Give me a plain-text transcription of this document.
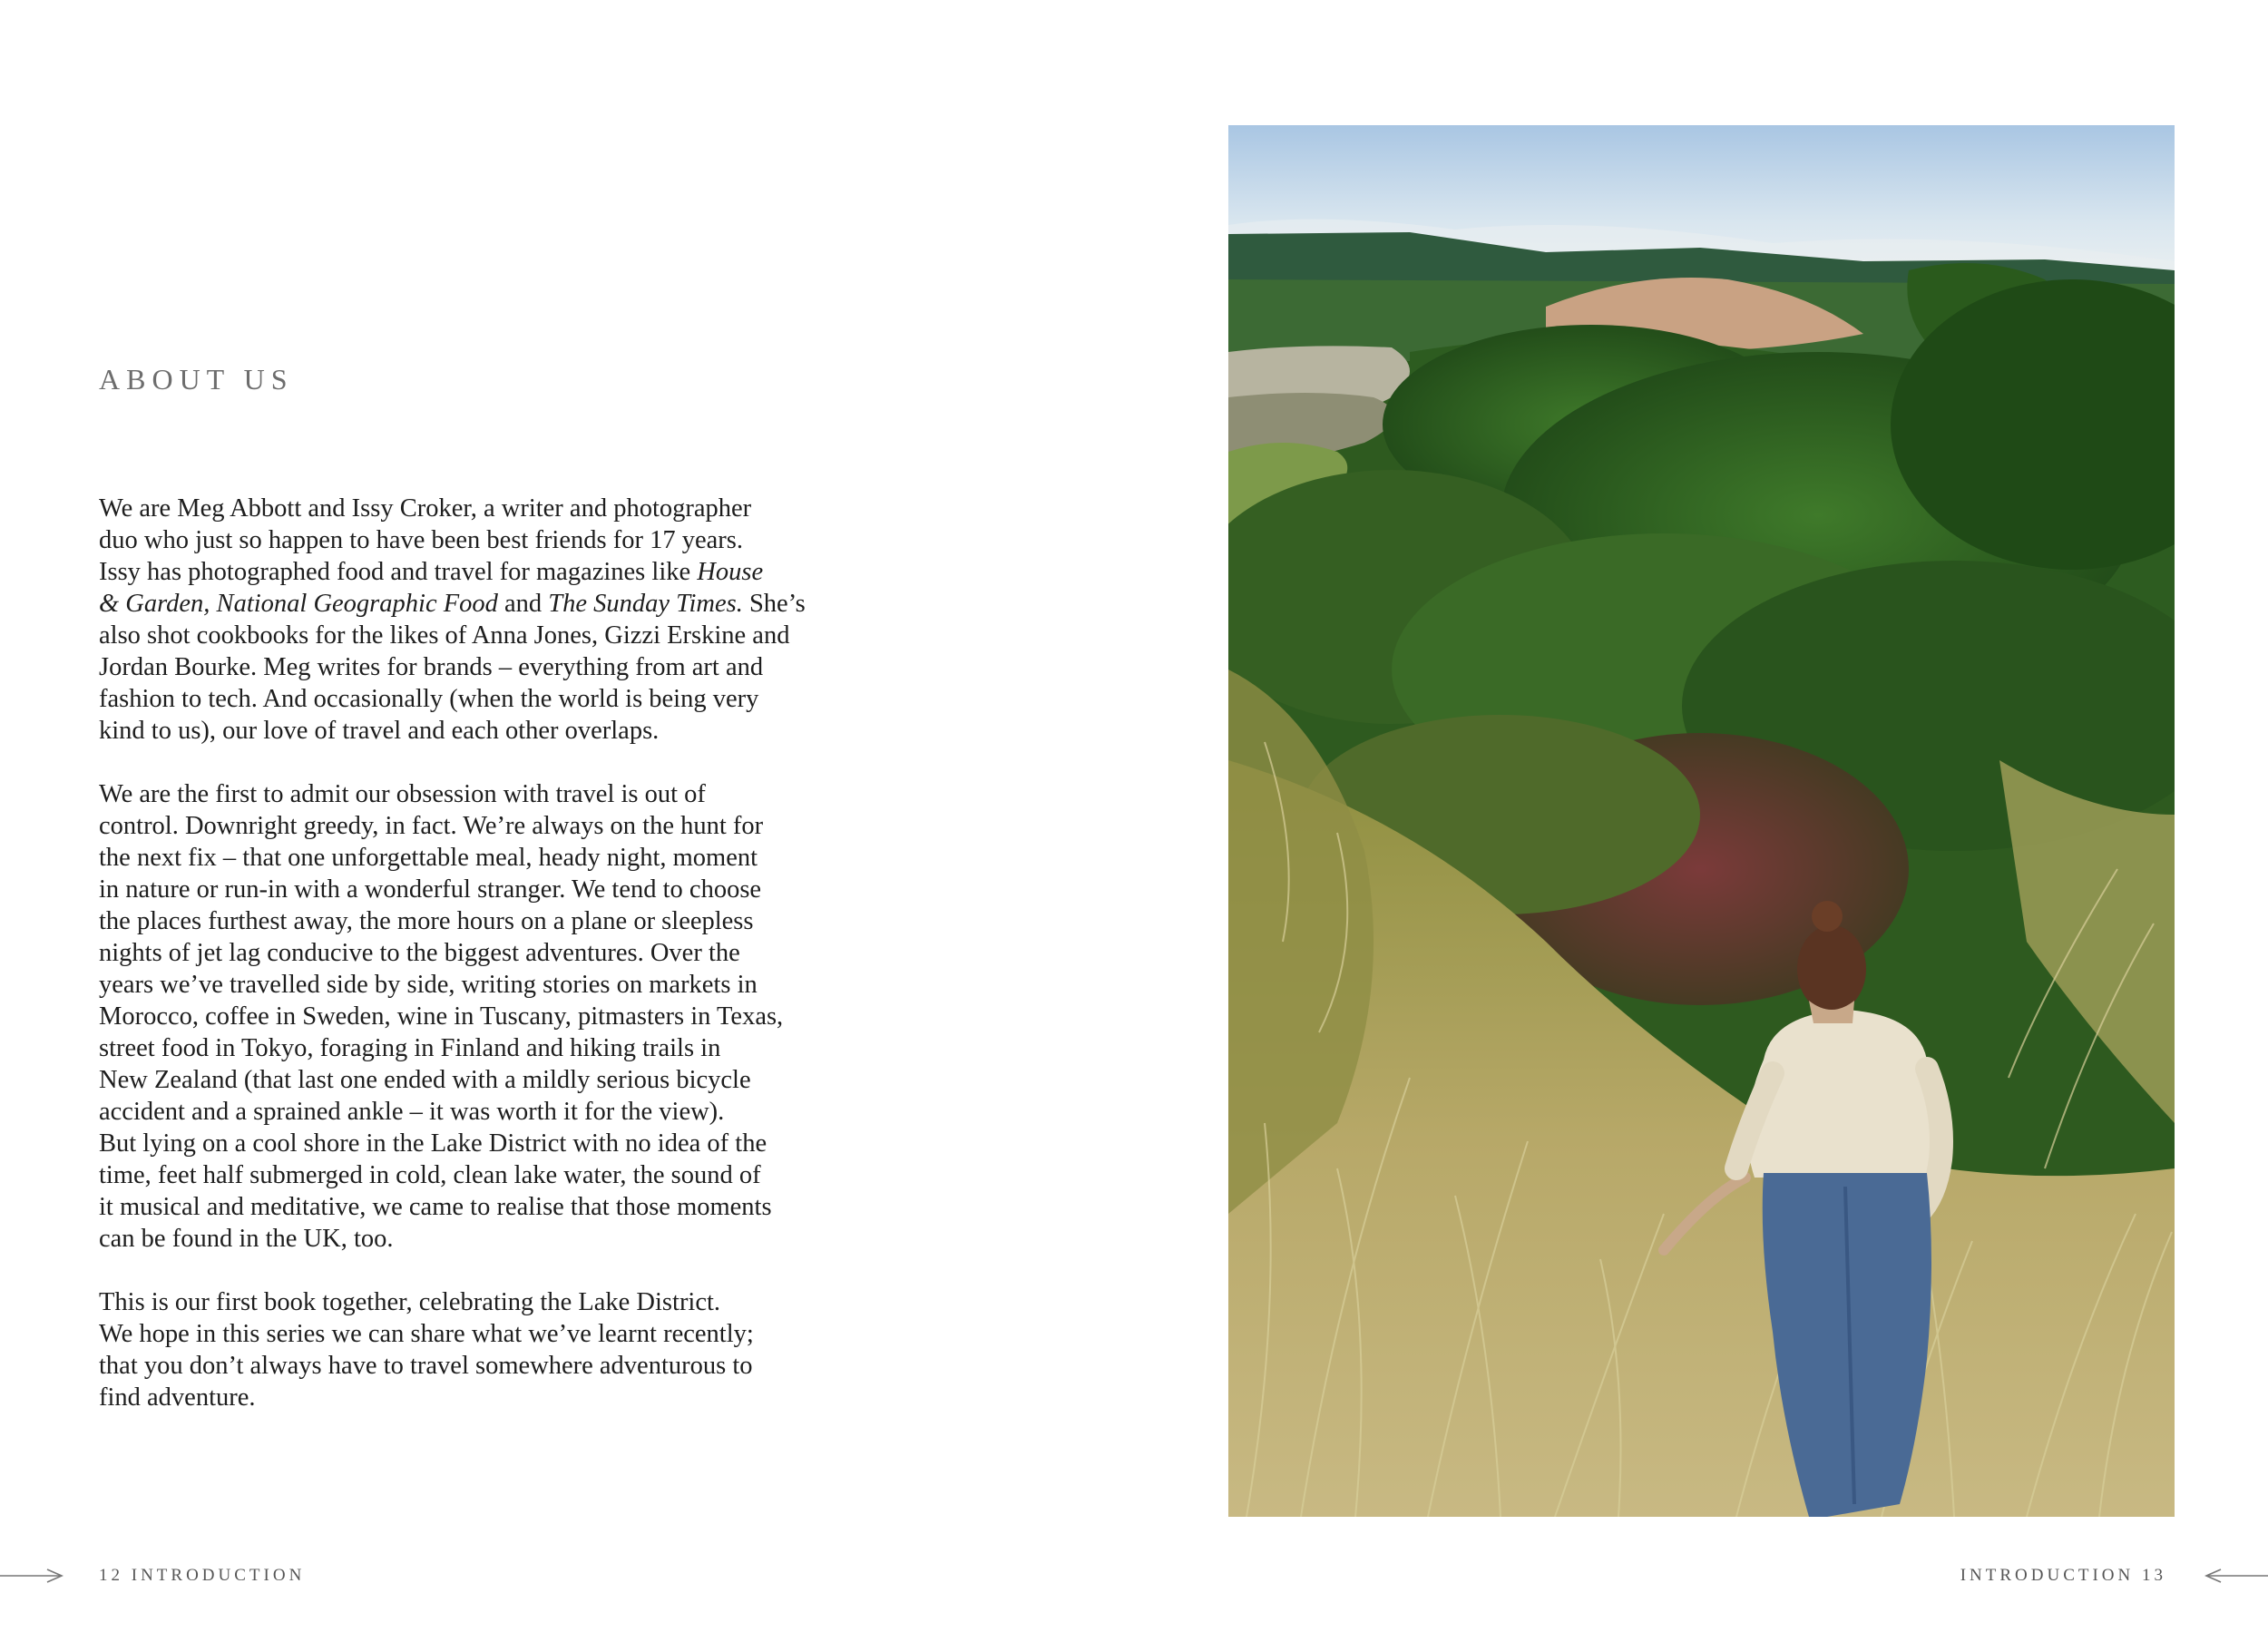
ABOUT US

We are Meg Abbott and Issy Croker, a writer and photographer
duo who just so happen to have been best friends for 17 years.
Issy has photographed food and travel for magazines like House
& Garden, National Geographic Food and The Sunday Times. She’s
also shot cookbooks for the likes of Anna Jones, Gizzi Erskine and
Jordan Bourke. Meg writes for brands – everything from art and
fashion to tech. And occasionally (when the world is being very
kind to us), our love of travel and each other overlaps.

We are the first to admit our obsession with travel is out of
control. Downright greedy, in fact. We’re always on the hunt for
the next fix – that one unforgettable meal, heady night, moment
in nature or run-in with a wonderful stranger. We tend to choose
the places furthest away, the more hours on a plane or sleepless
nights of jet lag conducive to the biggest adventures. Over the
years we’ve travelled side by side, writing stories on markets in
Morocco, coffee in Sweden, wine in Tuscany, pitmasters in Texas,
street food in Tokyo, foraging in Finland and hiking trails in
New Zealand (that last one ended with a mildly serious bicycle
accident and a sprained ankle – it was worth it for the view).
But lying on a cool shore in the Lake District with no idea of the
time, feet half submerged in cold, clean lake water, the sound of
it musical and meditative, we came to realise that those moments
can be found in the UK, too.

This is our first book together, celebrating the Lake District.
We hope in this series we can share what we’ve learnt recently;
that you don’t always have to travel somewhere adventurous to
find adventure.

12 INTRODUCTION	INTRODUCTION 13
